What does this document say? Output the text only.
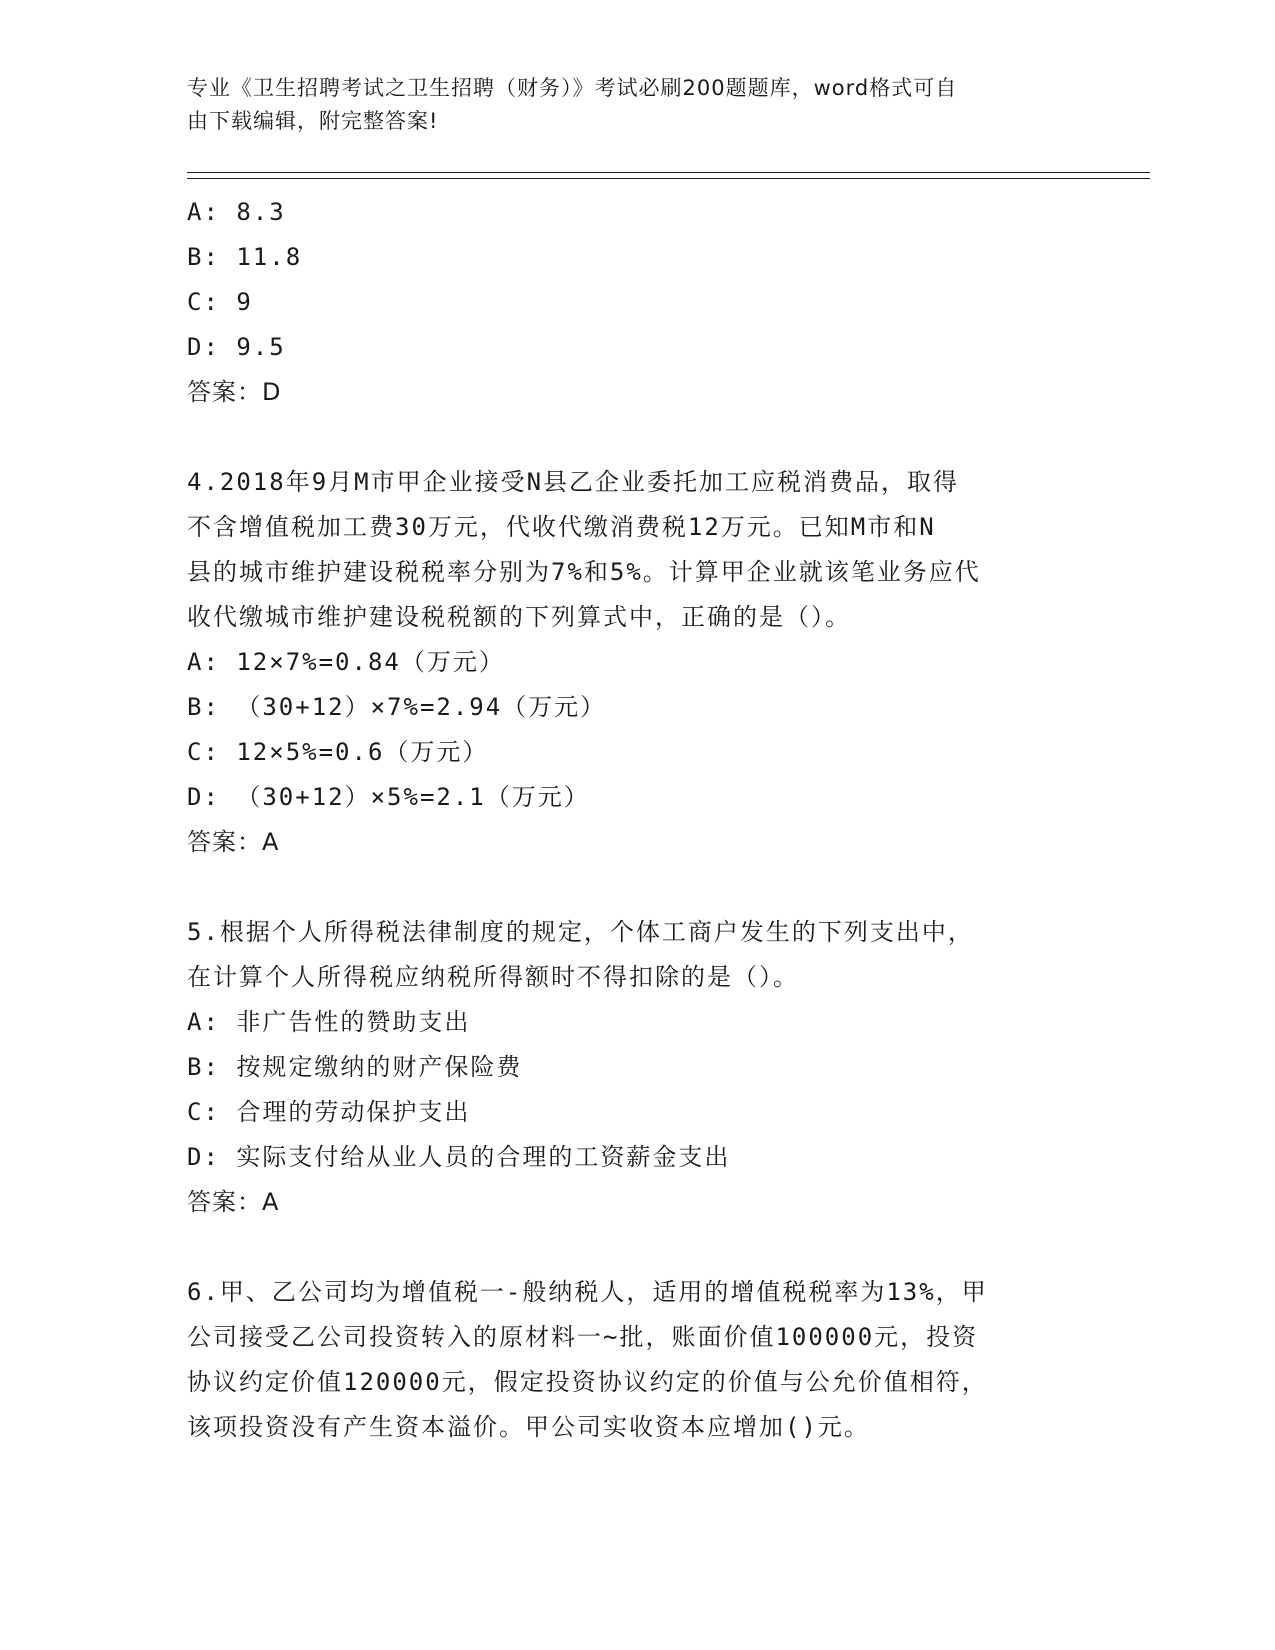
专业《卫生招聘考试之卫生招聘（财务）》考试必刷200题题库，word格式可自
由下载编辑，附完整答案!
A: 8.3
B: 11.8
C: 9
D: 9.5
答案：D
4.2018年9月M市甲企业接受N县乙企业委托加工应税消费品，取得
不含增值税加工费30万元，代收代缴消费税12万元。已知M市和N
县的城市维护建设税税率分别为7%和5%。计算甲企业就该笔业务应代
收代缴城市维护建设税税额的下列算式中，正确的是（）。
A: 12×7%=0.84（万元）
B: （30+12）×7%=2.94（万元）
C: 12×5%=0.6（万元）
D: （30+12）×5%=2.1（万元）
答案：A
5.根据个人所得税法律制度的规定，个体工商户发生的下列支出中，
在计算个人所得税应纳税所得额时不得扣除的是（）。
A: 非广告性的赞助支出
B: 按规定缴纳的财产保险费
C: 合理的劳动保护支出
D: 实际支付给从业人员的合理的工资薪金支出
答案：A
6.甲、乙公司均为增值税一-般纳税人，适用的增值税税率为13%，甲
公司接受乙公司投资转入的原材料一~批，账面价值100000元，投资
协议约定价值120000元，假定投资协议约定的价值与公允价值相符，
该项投资没有产生资本溢价。甲公司实收资本应增加()元。
